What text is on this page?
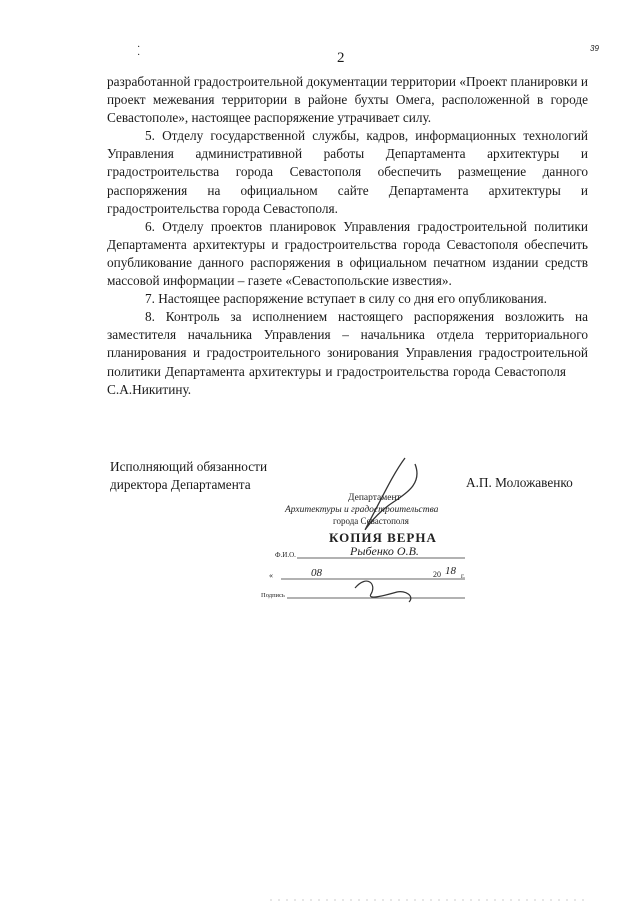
·
·	2
39

разработанной градостроительной документации территории «Проект планировки и проект межевания территории в районе бухты Омега, расположенной в городе Севастополе», настоящее распоряжение утрачивает силу.

5. Отделу государственной службы, кадров, информационных технологий Управления административной работы Департамента архитектуры и градостроительства города Севастополя обеспечить размещение данного распоряжения на официальном сайте Департамента архитектуры и градостроительства города Севастополя.

6. Отделу проектов планировок Управления градостроительной политики Департамента архитектуры и градостроительства города Севастополя обеспечить опубликование данного распоряжения в официальном печатном издании средств массовой информации – газете «Севастопольские известия».

7. Настоящее распоряжение вступает в силу со дня его опубликования.

8. Контроль за исполнением настоящего распоряжения возложить на заместителя начальника Управления – начальника отдела территориального планирования и градостроительного зонирования Управления градостроительной политики Департамента архитектуры и градостроительства города СевастополяС.А.Никитину.

Исполняющий обязанности
директора Департамента	А.П. Моложавенко
Департамент
Архитектуры и градостроительства
города Севастополя
КОПИЯ ВЕРНА
Ф.И.О.	Рыбенко О.В.
«	08	20 18 г.
Подпись
